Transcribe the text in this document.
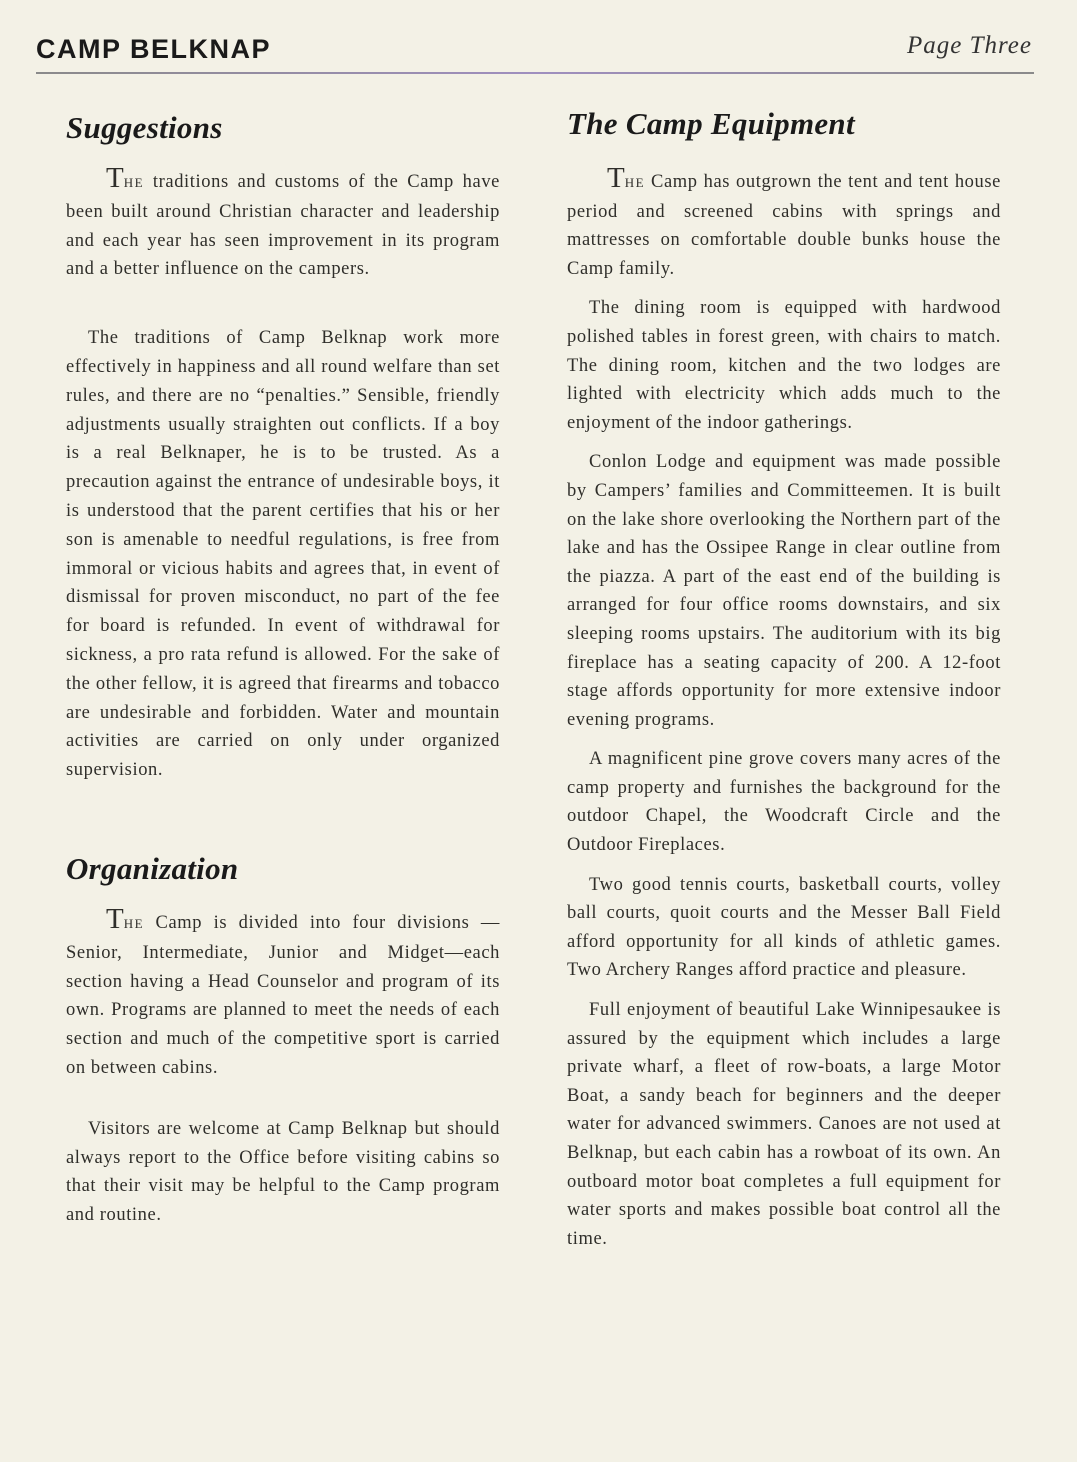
CAMP BELKNAP	Page Three
Suggestions

THE traditions and customs of the Camp have been built around Christian character and leadership and each year has seen improvement in its program and a better influence on the campers.

The traditions of Camp Belknap work more effectively in happiness and all round welfare than set rules, and there are no “penalties.” Sensible, friendly adjustments usually straighten out conflicts. If a boy is a real Belknaper, he is to be trusted. As a precaution against the entrance of undesirable boys, it is understood that the parent certifies that his or her son is amenable to needful regulations, is free from immoral or vicious habits and agrees that, in event of dismissal for proven misconduct, no part of the fee for board is refunded. In event of withdrawal for sickness, a pro rata refund is allowed. For the sake of the other fellow, it is agreed that firearms and tobacco are undesirable and forbidden. Water and mountain activities are carried on only under organized supervision.

Organization

THE Camp is divided into four divisions — Senior, Intermediate, Junior and Midget—each section having a Head Counselor and program of its own. Programs are planned to meet the needs of each section and much of the competitive sport is carried on between cabins.

Visitors are welcome at Camp Belknap but should always report to the Office before visiting cabins so that their visit may be helpful to the Camp program and routine.

The Camp Equipment

THE Camp has outgrown the tent and tent house period and screened cabins with springs and mattresses on comfortable double bunks house the Camp family.

The dining room is equipped with hardwood polished tables in forest green, with chairs to match. The dining room, kitchen and the two lodges are lighted with electricity which adds much to the enjoyment of the indoor gatherings.

Conlon Lodge and equipment was made possible by Campers’ families and Committeemen. It is built on the lake shore overlooking the Northern part of the lake and has the Ossipee Range in clear outline from the piazza. A part of the east end of the building is arranged for four office rooms downstairs, and six sleeping rooms upstairs. The auditorium with its big fireplace has a seating capacity of 200. A 12-foot stage affords opportunity for more extensive indoor evening programs.

A magnificent pine grove covers many acres of the camp property and furnishes the background for the outdoor Chapel, the Woodcraft Circle and the Outdoor Fireplaces.

Two good tennis courts, basketball courts, volley ball courts, quoit courts and the Messer Ball Field afford opportunity for all kinds of athletic games. Two Archery Ranges afford practice and pleasure.

Full enjoyment of beautiful Lake Winnipesaukee is assured by the equipment which includes a large private wharf, a fleet of row-boats, a large Motor Boat, a sandy beach for beginners and the deeper water for advanced swimmers. Canoes are not used at Belknap, but each cabin has a rowboat of its own. An outboard motor boat completes a full equipment for water sports and makes possible boat control all the time.
